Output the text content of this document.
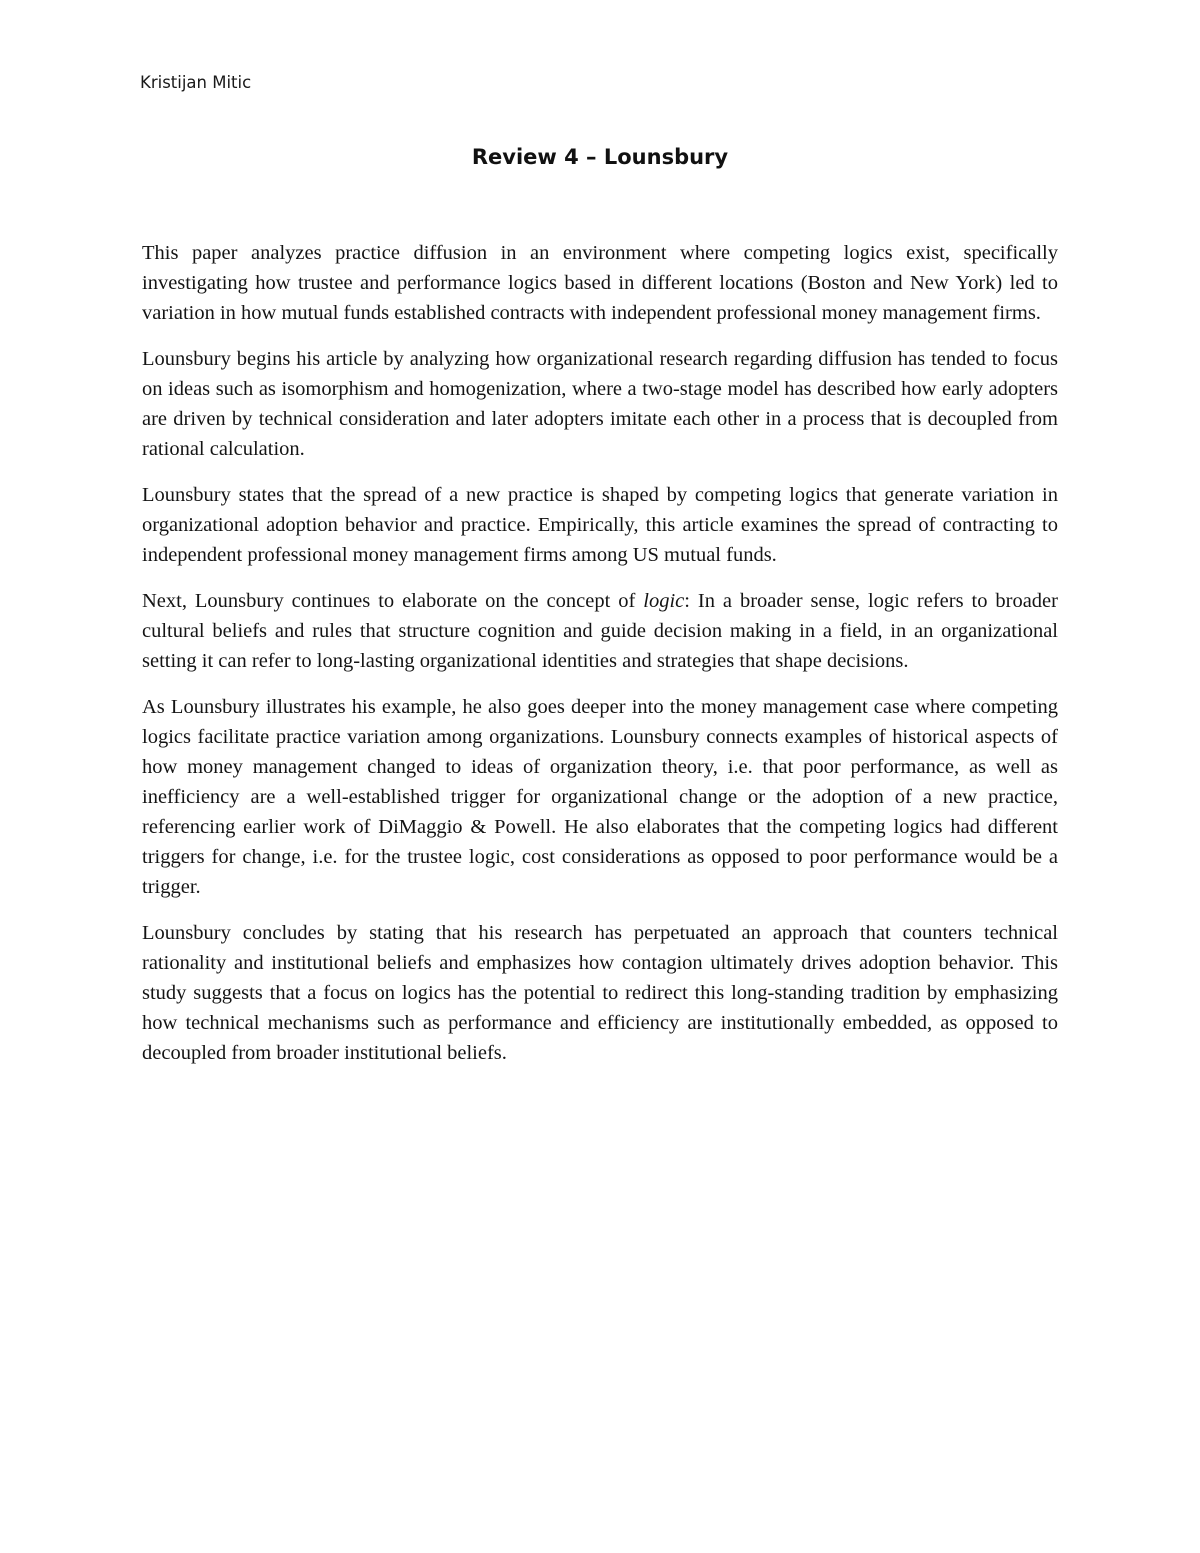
Kristijan Mitic
Review 4 – Lounsbury

This paper analyzes practice diffusion in an environment where competing logics exist, specifically investigating how trustee and performance logics based in different locations (Boston and New York) led to variation in how mutual funds established contracts with independent professional money management firms.

Lounsbury begins his article by analyzing how organizational research regarding diffusion has tended to focus on ideas such as isomorphism and homogenization, where a two-stage model has described how early adopters are driven by technical consideration and later adopters imitate each other in a process that is decoupled from rational calculation.

Lounsbury states that the spread of a new practice is shaped by competing logics that generate variation in organizational adoption behavior and practice. Empirically, this article examines the spread of contracting to independent professional money management firms among US mutual funds.

Next, Lounsbury continues to elaborate on the concept of logic: In a broader sense, logic refers to broader cultural beliefs and rules that structure cognition and guide decision making in a field, in an organizational setting it can refer to long-lasting organizational identities and strategies that shape decisions.

As Lounsbury illustrates his example, he also goes deeper into the money management case where competing logics facilitate practice variation among organizations. Lounsbury connects examples of historical aspects of how money management changed to ideas of organization theory, i.e. that poor performance, as well as inefficiency are a well-established trigger for organizational change or the adoption of a new practice, referencing earlier work of DiMaggio & Powell. He also elaborates that the competing logics had different triggers for change, i.e. for the trustee logic, cost considerations as opposed to poor performance would be a trigger.

Lounsbury concludes by stating that his research has perpetuated an approach that counters technical rationality and institutional beliefs and emphasizes how contagion ultimately drives adoption behavior. This study suggests that a focus on logics has the potential to redirect this long-standing tradition by emphasizing how technical mechanisms such as performance and efficiency are institutionally embedded, as opposed to decoupled from broader institutional beliefs.
